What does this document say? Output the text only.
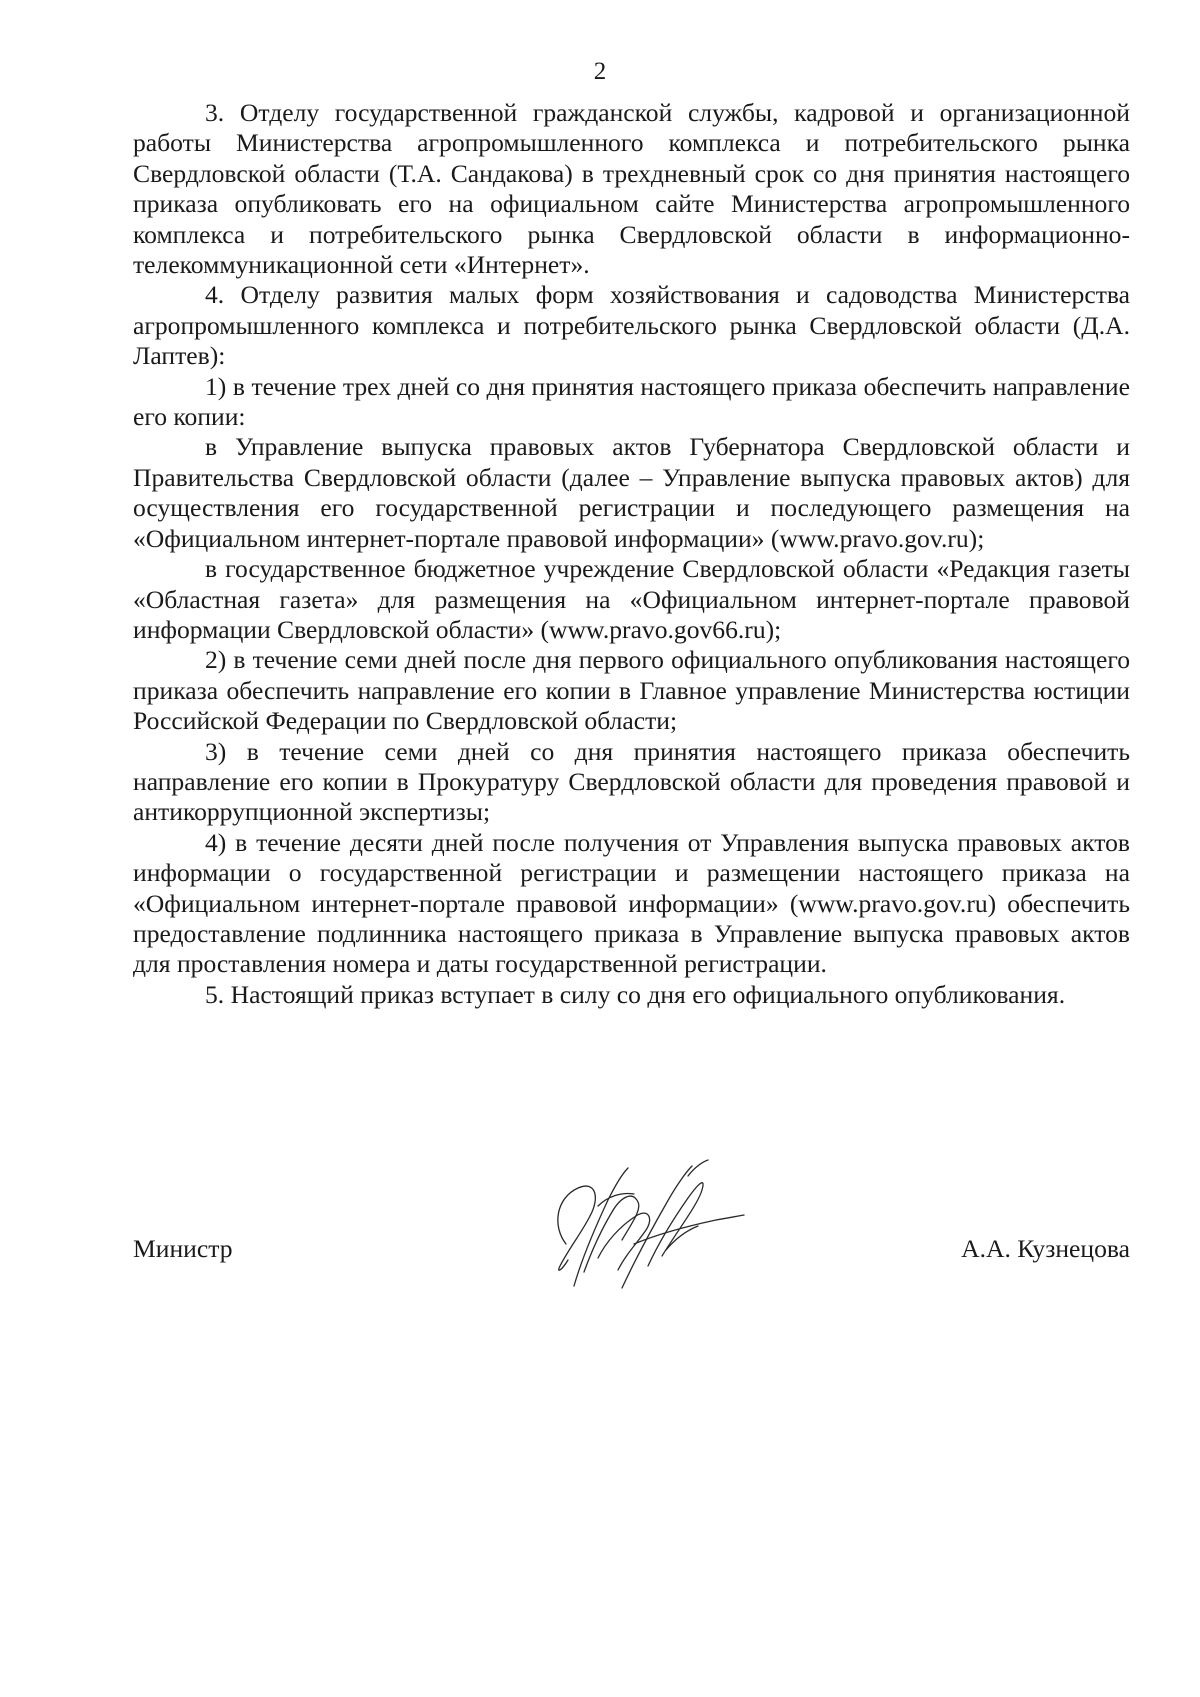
2

3. Отделу государственной гражданской службы, кадровой и организационной работы Министерства агропромышленного комплекса и потребительского рынка Свердловской области (Т.А. Сандакова) в трехдневный срок со дня принятия настоящего приказа опубликовать его на официальном сайте Министерства агропромышленного комплекса и потребительского рынка Свердловской области в информационно-телекоммуникационной сети «Интернет».

4. Отделу развития малых форм хозяйствования и садоводства Министерства агропромышленного комплекса и потребительского рынка Свердловской области (Д.А. Лаптев):

1) в течение трех дней со дня принятия настоящего приказа обеспечить направление его копии:

в Управление выпуска правовых актов Губернатора Свердловской области и Правительства Свердловской области (далее – Управление выпуска правовых актов) для осуществления его государственной регистрации и последующего размещения на «Официальном интернет-портале правовой информации» (www.pravo.gov.ru);

в государственное бюджетное учреждение Свердловской области «Редакция газеты «Областная газета» для размещения на «Официальном интернет-портале правовой информации Свердловской области» (www.pravo.gov66.ru);

2) в течение семи дней после дня первого официального опубликования настоящего приказа обеспечить направление его копии в Главное управление Министерства юстиции Российской Федерации по Свердловской области;

3) в течение семи дней со дня принятия настоящего приказа обеспечить направление его копии в Прокуратуру Свердловской области для проведения правовой и антикоррупционной экспертизы;

4) в течение десяти дней после получения от Управления выпуска правовых актов информации о государственной регистрации и размещении настоящего приказа на «Официальном интернет-портале правовой информации» (www.pravo.gov.ru) обеспечить предоставление подлинника настоящего приказа в Управление выпуска правовых актов для проставления номера и даты государственной регистрации.

5. Настоящий приказ вступает в силу со дня его официального опубликования.

Министр	А.А. Кузнецова
